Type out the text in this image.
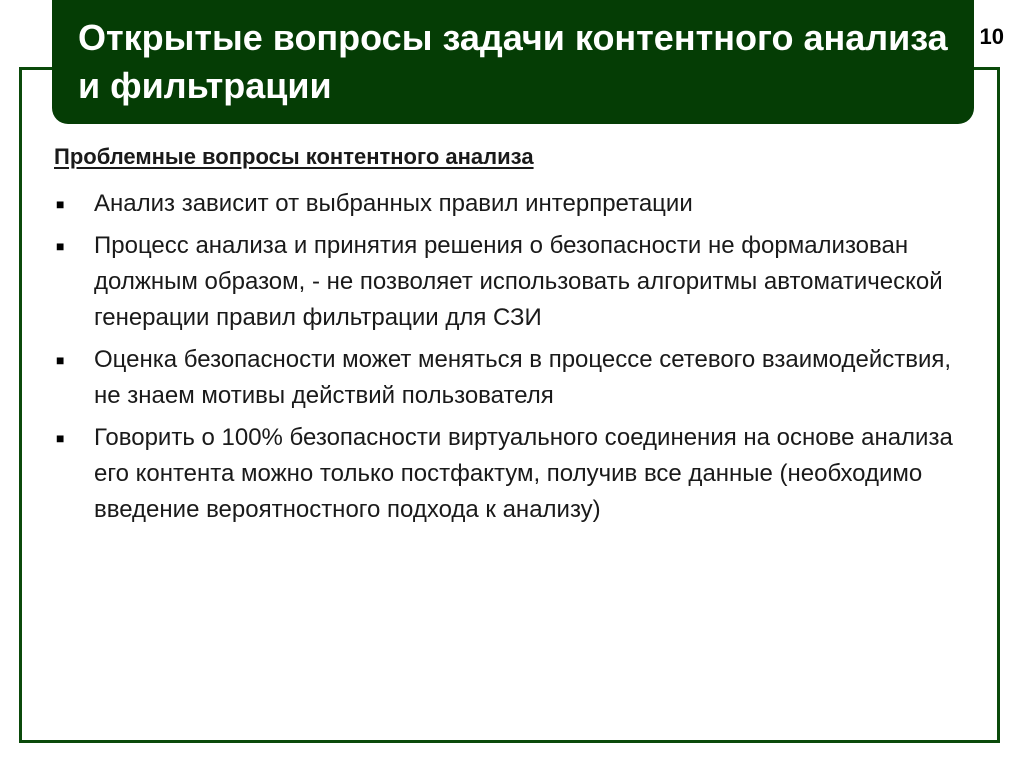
Открытые вопросы задачи контентного анализа и фильтрации
10
Проблемные вопросы контентного анализа
■	Анализ зависит от выбранных правил интерпретации
■	Процесс анализа и принятия решения о безопасности не формализован должным образом, - не позволяет использовать алгоритмы автоматической генерации правил фильтрации для СЗИ
■	Оценка безопасности может меняться в процессе сетевого взаимодействия, не знаем мотивы действий пользователя
■	Говорить о 100% безопасности виртуального соединения на основе анализа его контента можно только постфактум, получив все данные (необходимо введение вероятностного подхода к анализу)
